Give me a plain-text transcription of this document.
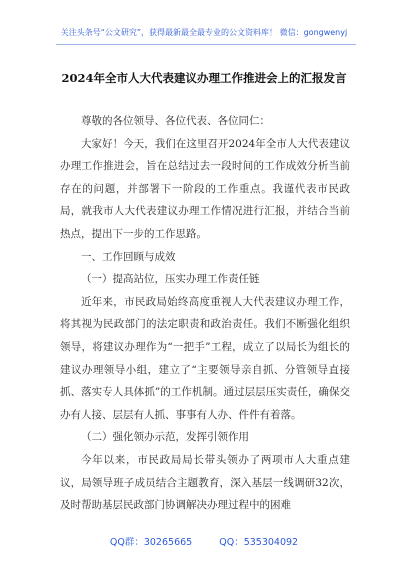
关注头条号“公文研究”，获得最新最全最专业的公文资料库！ 微信：gongwenyj
2024年全市人大代表建议办理工作推进会上的汇报发言

尊敬的各位领导、各位代表、各位同仁：

大家好！今天，我们在这里召开2024年全市人大代表建议办理工作推进会，旨在总结过去一段时间的工作成效分析当前存在的问题，并部署下一阶段的工作重点。我谨代表市民政局，就我市人大代表建议办理工作情况进行汇报，并结合当前热点，提出下一步的工作思路。

一、工作回顾与成效

（一）提高站位，压实办理工作责任链

近年来，市民政局始终高度重视人大代表建议办理工作，将其视为民政部门的法定职责和政治责任。我们不断强化组织领导，将建议办理作为“一把手”工程，成立了以局长为组长的建议办理领导小组，建立了“主要领导亲自抓、分管领导直接抓、落实专人具体抓”的工作机制。通过层层压实责任，确保交办有人接、层层有人抓、事事有人办、件件有着落。

（二）强化领办示范，发挥引领作用

今年以来，市民政局局长带头领办了两项市人大重点建议，局领导班子成员结合主题教育，深入基层一线调研32次，及时帮助基层民政部门协调解决办理过程中的困难

QQ群：30265665	QQ：535304092
